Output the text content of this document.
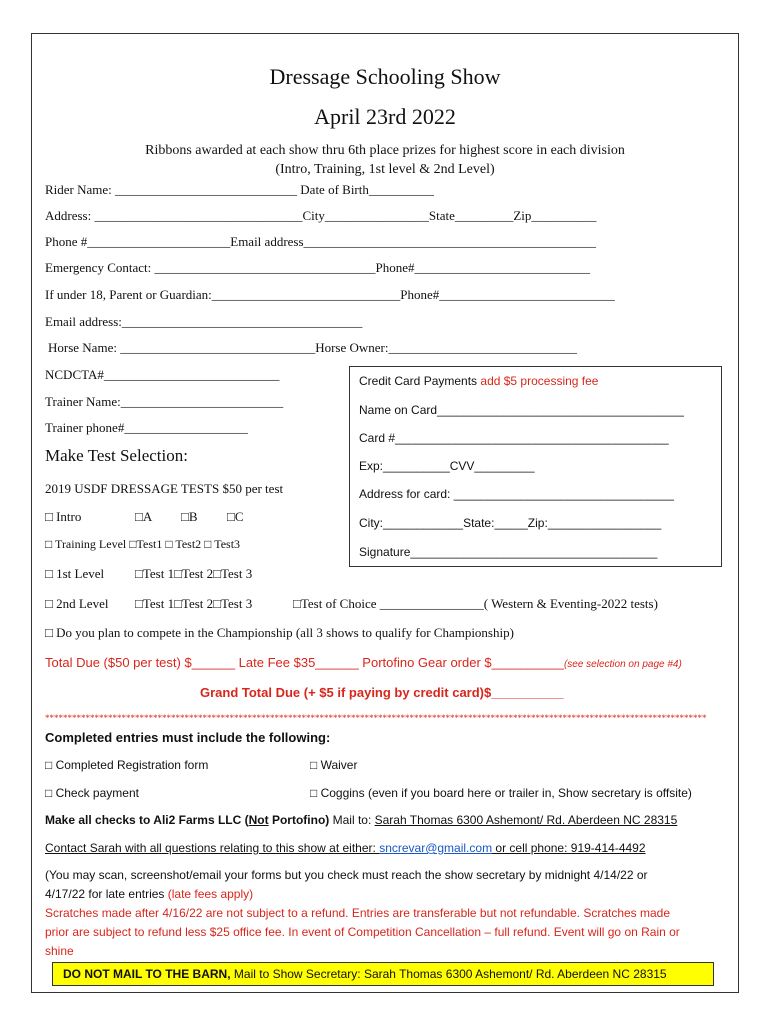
Dressage Schooling Show
April 23rd 2022
Ribbons awarded at each show thru 6th place prizes for highest score in each division
(Intro, Training, 1st level & 2nd Level)
Rider Name: ____________________________ Date of Birth__________
Address: ________________________________City________________State_________Zip__________
Phone #______________________Email address_____________________________________________
Emergency Contact: __________________________________Phone#___________________________
If under 18, Parent or Guardian:_____________________________Phone#___________________________
Email address:_____________________________________
Horse Name: ______________________________Horse Owner:_____________________________
NCDCTA#___________________________
Trainer Name:_________________________
Trainer phone#___________________
Credit Card Payments add $5 processing fee
Name on Card_____________________________________
Card #_________________________________________
Exp:__________CVV_________
Address for card: _________________________________
City:____________State:_____Zip:_________________
Signature_____________________________________
Make Test Selection:
2019 USDF DRESSAGE TESTS $50 per test
□ Intro	□A □B □C
□ Training Level □Test1 □ Test2 □ Test3
□ 1st Level □Test 1□Test 2□Test 3
□ 2nd Level □Test 1□Test 2□Test 3	□Test of Choice ________________( Western & Eventing-2022 tests)
□ Do you plan to compete in the Championship (all 3 shows to qualify for Championship)
Total Due ($50 per test) $______ Late Fee $35______ Portofino Gear order $__________(see selection on page #4)
Grand Total Due (+ $5 if paying by credit card)$__________
***************************************************************************************************************************************************
Completed entries must include the following:
□ Completed Registration form	□ Waiver
□ Check payment	□ Coggins (even if you board here or trailer in, Show secretary is offsite)
Make all checks to Ali2 Farms LLC (Not Portofino) Mail to: Sarah Thomas 6300 Ashemont/ Rd. Aberdeen NC 28315
Contact Sarah with all questions relating to this show at either: sncrevar@gmail.com or cell phone: 919-414-4492
(You may scan, screenshot/email your forms but you check must reach the show secretary by midnight 4/14/22 or
4/17/22 for late entries (late fees apply)
Scratches made after 4/16/22 are not subject to a refund. Entries are transferable but not refundable. Scratches made
prior are subject to refund less $25 office fee. In event of Competition Cancellation – full refund. Event will go on Rain or
shine
DO NOT MAIL TO THE BARN, Mail to Show Secretary: Sarah Thomas 6300 Ashemont/ Rd. Aberdeen NC 28315
